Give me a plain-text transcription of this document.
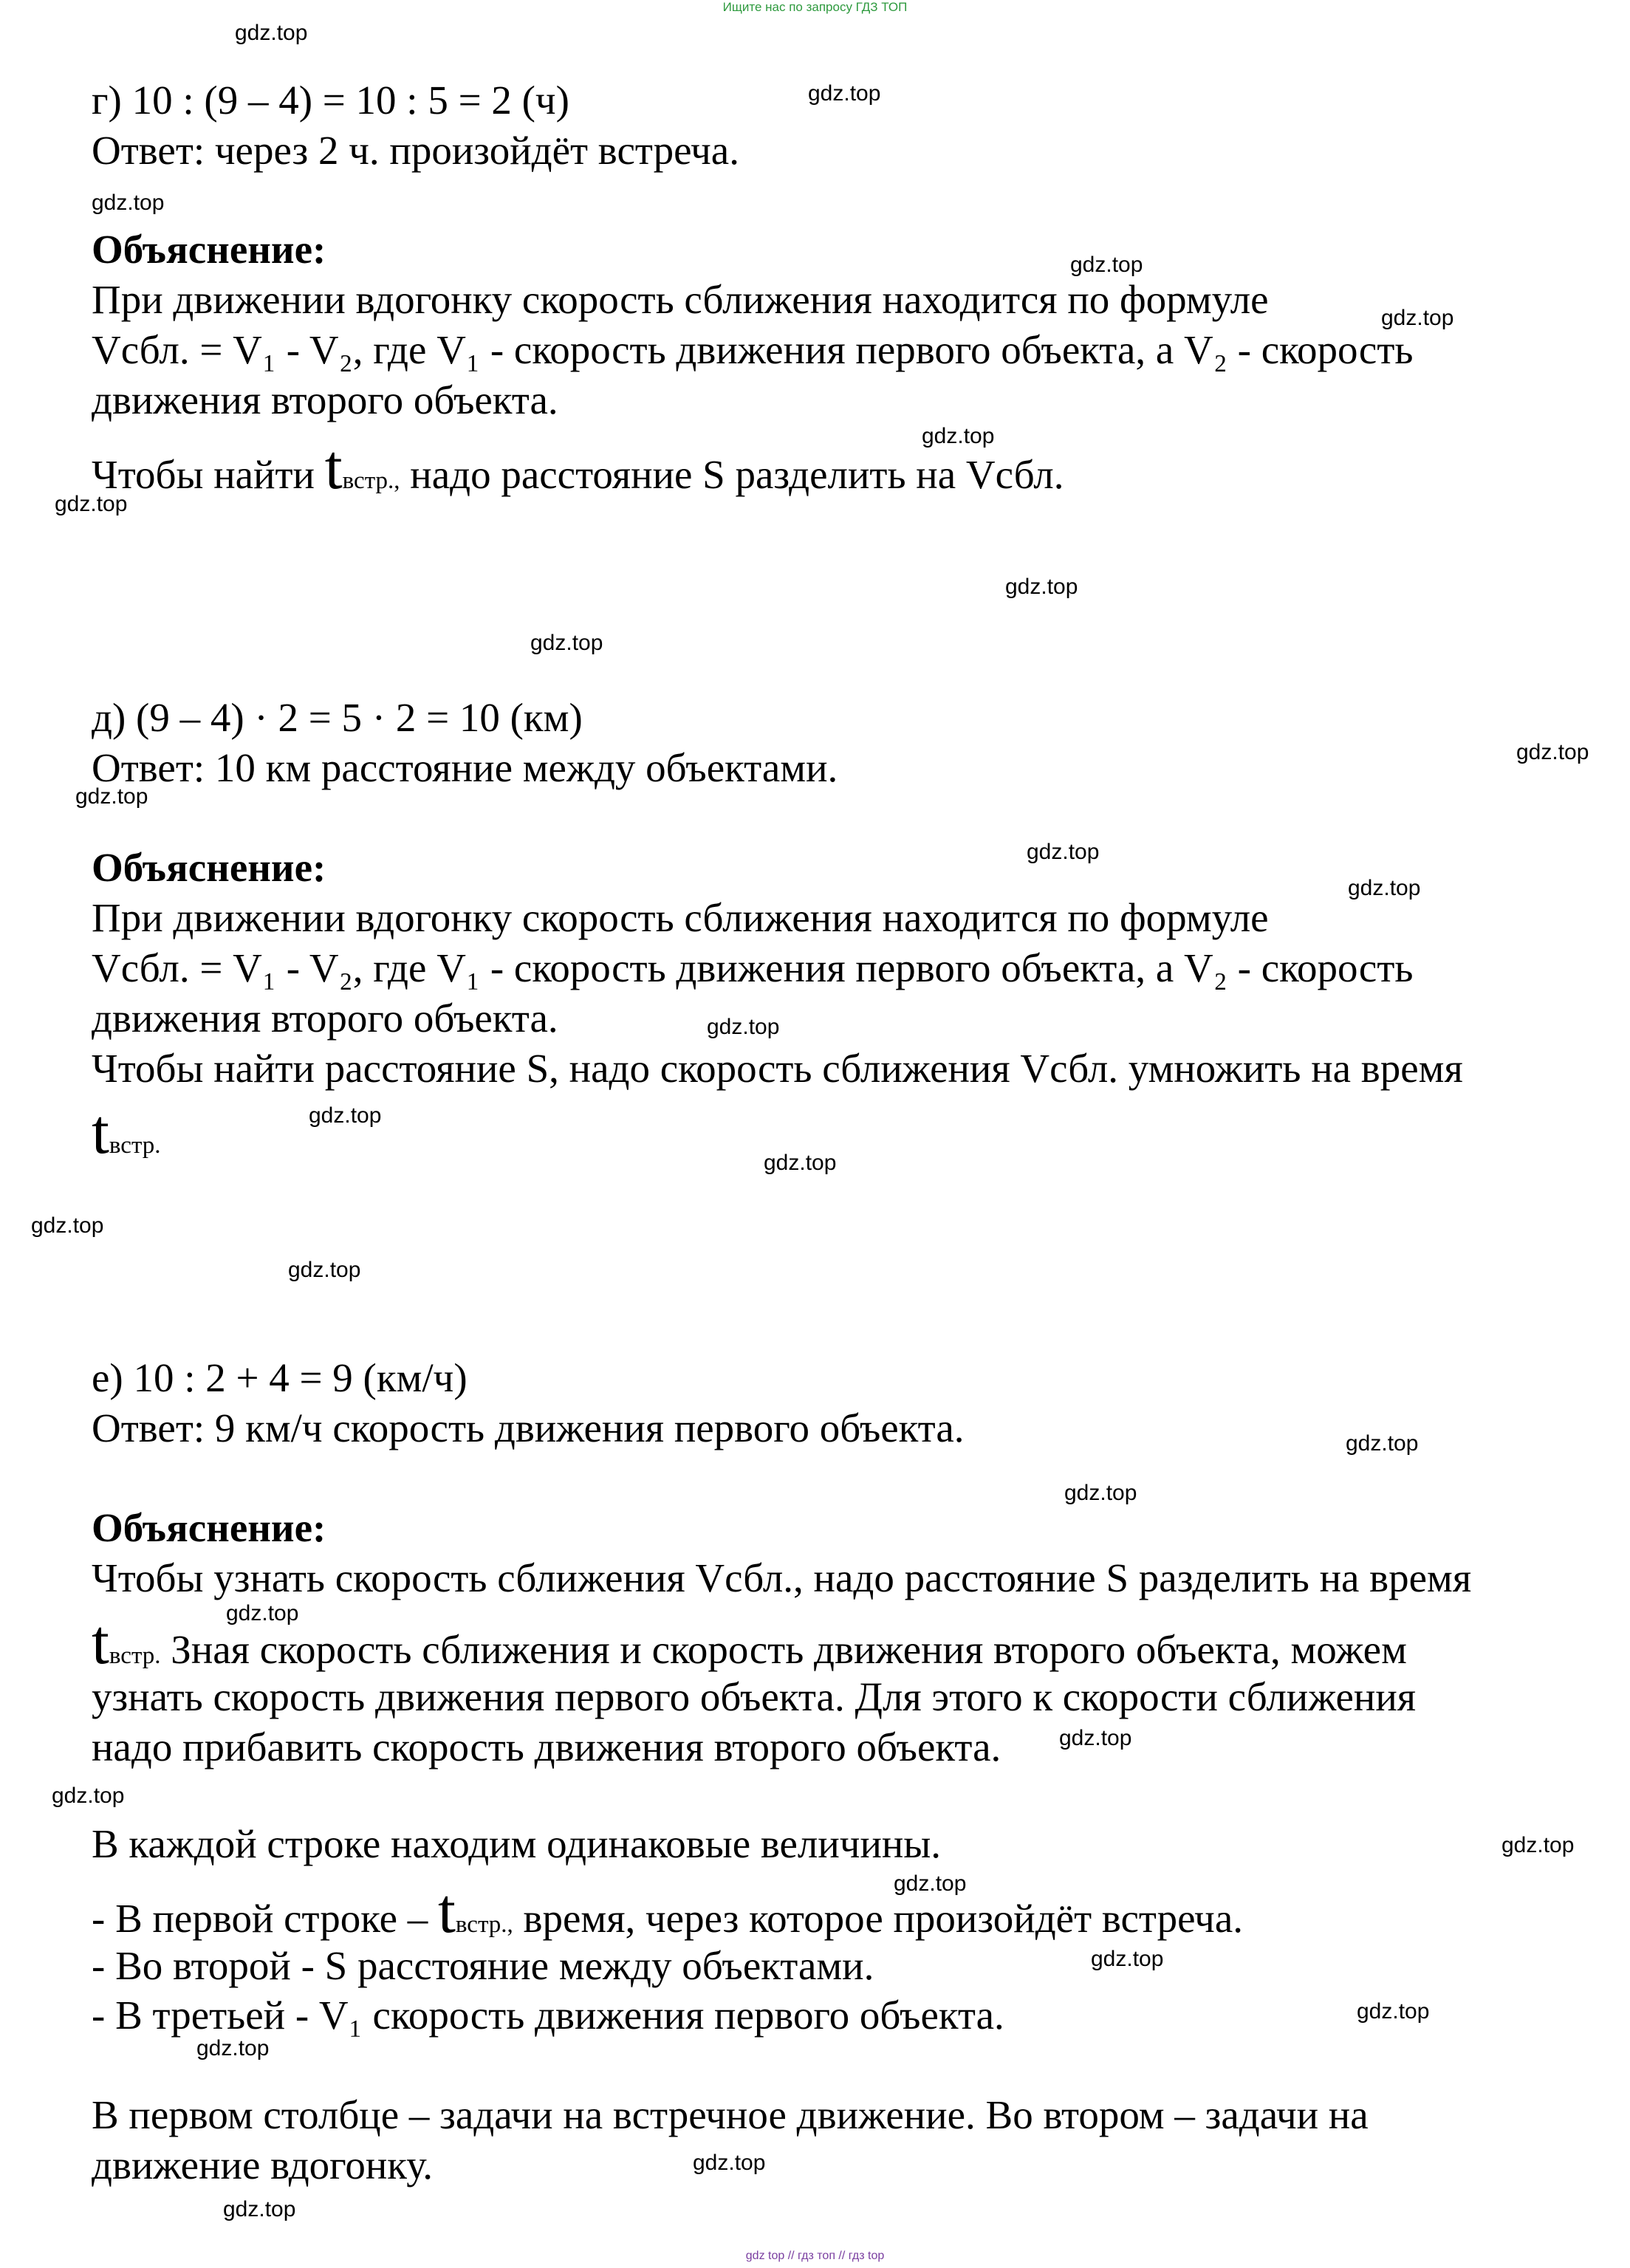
Ищите нас по запросу ГДЗ ТОП
г) 10 : (9 – 4) = 10 : 5 = 2 (ч)
Ответ: через 2 ч. произойдёт встреча.
Объяснение:
При движении вдогонку скорость сближения находится по формуле
Vсбл. = V₁ - V₂, где V₁ - скорость движения первого объекта, а V₂ - скорость
движения второго объекта.
Чтобы найти tвстр., надо расстояние S разделить на Vсбл.
д) (9 – 4) · 2 = 5 · 2 = 10 (км)
Ответ: 10 км расстояние между объектами.
Объяснение:
При движении вдогонку скорость сближения находится по формуле
Vсбл. = V₁ - V₂, где V₁ - скорость движения первого объекта, а V₂ - скорость
движения второго объекта.
Чтобы найти расстояние S, надо скорость сближения Vсбл. умножить на время
tвстр.
е) 10 : 2 + 4 = 9 (км/ч)
Ответ: 9 км/ч скорость движения первого объекта.
Объяснение:
Чтобы узнать скорость сближения Vсбл., надо расстояние S разделить на время
tвстр. Зная скорость сближения и скорость движения второго объекта, можем
узнать скорость движения первого объекта. Для этого к скорости сближения
надо прибавить скорость движения второго объекта.
В каждой строке находим одинаковые величины.
- В первой строке – tвстр., время, через которое произойдёт встреча.
- Во второй - S расстояние между объектами.
- В третьей - V₁ скорость движения первого объекта.
В первом столбце – задачи на встречное движение. Во втором – задачи на
движение вдогонку.
gdz.top
gdz.top
gdz.top
gdz.top
gdz.top
gdz.top
gdz.top
gdz.top
gdz.top
gdz.top
gdz.top
gdz.top
gdz.top
gdz.top
gdz.top
gdz.top
gdz.top
gdz.top
gdz.top
gdz.top
gdz.top
gdz.top
gdz.top
gdz.top
gdz.top
gdz.top
gdz.top
gdz.top
gdz.top
gdz.top
gdz top // гдз топ // гдз top
